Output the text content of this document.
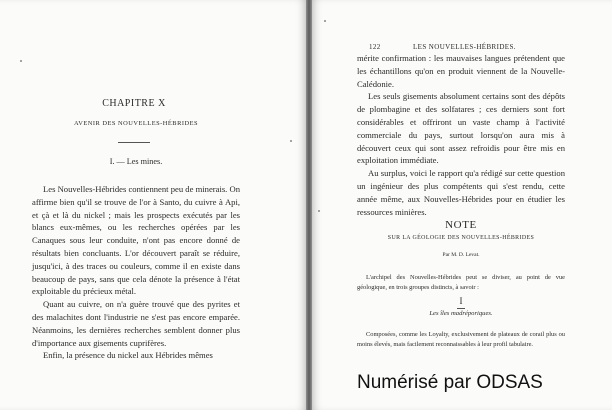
CHAPITRE X
AVENIR DES NOUVELLES-HÉBRIDES
I. — Les mines.

Les Nouvelles-Hébrides contiennent peu de minerais. On affirme bien qu'il se trouve de l'or à Santo, du cuivre à Api, et çà et là du nickel ; mais les prospects exécutés par les blancs eux-mêmes, ou les recherches opérées par les Canaques sous leur conduite, n'ont pas encore donné de résultats bien concluants. L'or découvert paraît se réduire, jusqu'ici, à des traces ou couleurs, comme il en existe dans beaucoup de pays, sans que cela dénote la présence à l'état exploitable du précieux métal.

Quant au cuivre, on n'a guère trouvé que des pyrites et des malachites dont l'industrie ne s'est pas encore emparée. Néanmoins, les dernières recherches semblent donner plus d'importance aux gisements cuprifères.

Enfin, la présence du nickel aux Hébrides mêmes

122	LES NOUVELLES-HÉBRIDES.

mérite confirmation : les mauvaises langues prétendent que les échantillons qu'on en produit viennent de la Nouvelle-Calédonie.

Les seuls gisements absolument certains sont des dépôts de plombagine et des solfatares ; ces derniers sont fort considérables et offriront un vaste champ à l'activité commerciale du pays, surtout lorsqu'on aura mis à découvert ceux qui sont assez refroidis pour être mis en exploitation immédiate.

Au surplus, voici le rapport qu'a rédigé sur cette question un ingénieur des plus compétents qui s'est rendu, cette année même, aux Nouvelles-Hébrides pour en étudier les ressources minières.

NOTE
SUR LA GÉOLOGIE DES NOUVELLES-HÉBRIDES
Par M. D. Levat.

L'archipel des Nouvelles-Hébrides peut se diviser, au point de vue géologique, en trois groupes distincts, à savoir :

I
Les îles madréporiques.

Composées, comme les Loyalty, exclusivement de plateaux de corail plus ou moins élevés, mais facilement reconnaissables à leur profil tabulaire.

Numérisé par ODSAS
